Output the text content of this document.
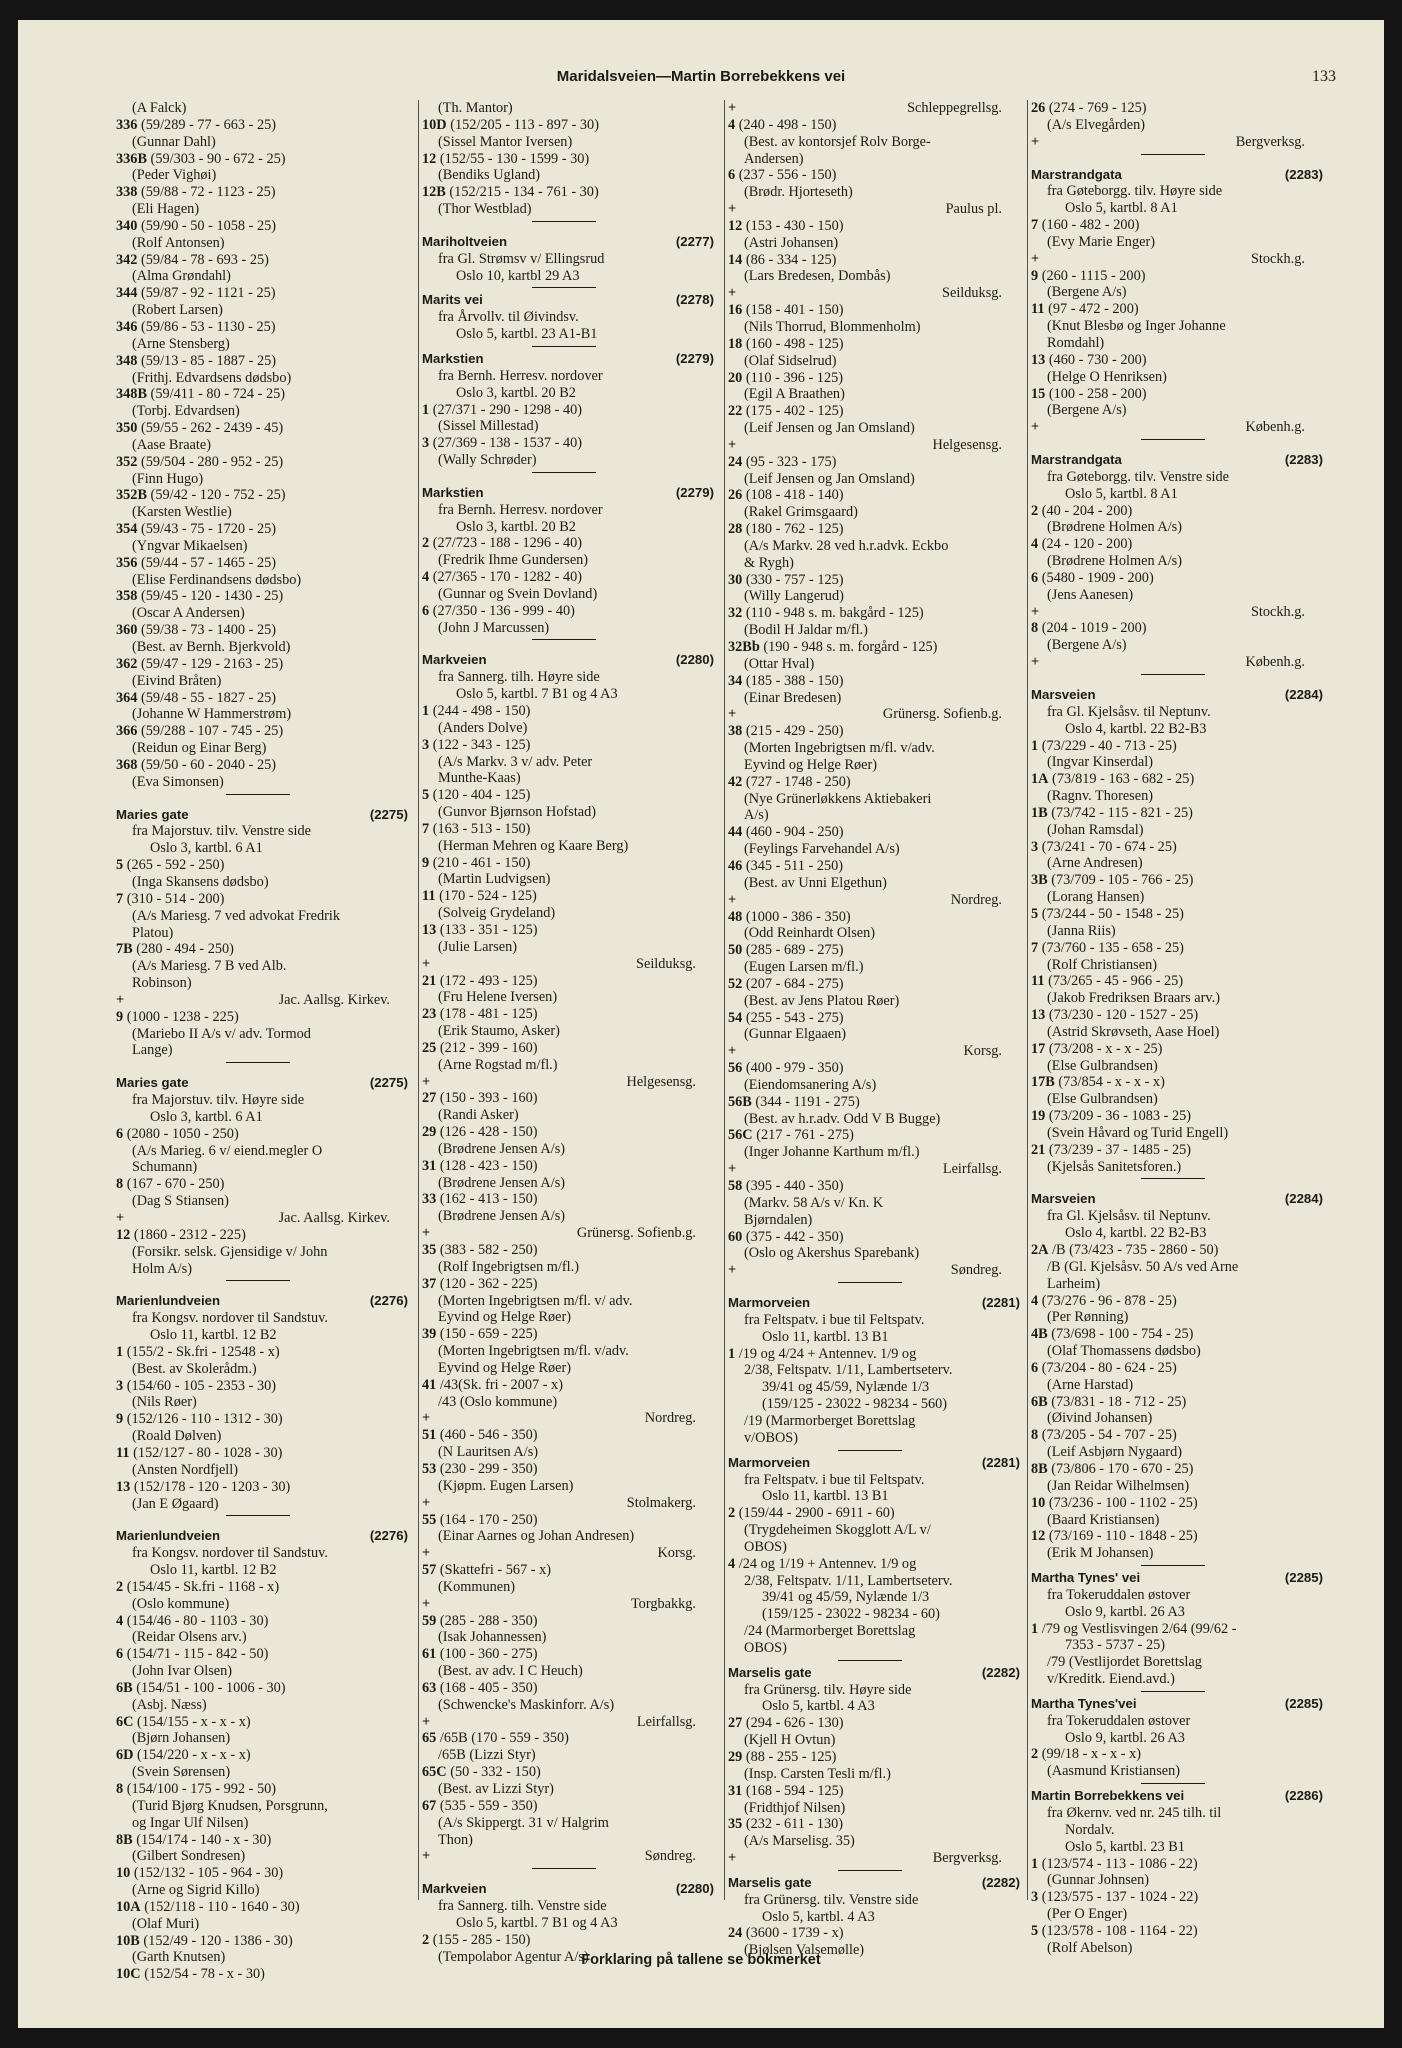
Maridalsveien—Martin Borrebekkens vei	133
(A Falck)
336 (59/289 - 77 - 663 - 25)
(Gunnar Dahl)
336B (59/303 - 90 - 672 - 25)
(Peder Vighøi)
338 (59/88 - 72 - 1123 - 25)
(Eli Hagen)
340 (59/90 - 50 - 1058 - 25)
(Rolf Antonsen)
342 (59/84 - 78 - 693 - 25)
(Alma Grøndahl)
344 (59/87 - 92 - 1121 - 25)
(Robert Larsen)
346 (59/86 - 53 - 1130 - 25)
(Arne Stensberg)
348 (59/13 - 85 - 1887 - 25)
(Frithj. Edvardsens dødsbo)
348B (59/411 - 80 - 724 - 25)
(Torbj. Edvardsen)
350 (59/55 - 262 - 2439 - 45)
(Aase Braate)
352 (59/504 - 280 - 952 - 25)
(Finn Hugo)
352B (59/42 - 120 - 752 - 25)
(Karsten Westlie)
354 (59/43 - 75 - 1720 - 25)
(Yngvar Mikaelsen)
356 (59/44 - 57 - 1465 - 25)
(Elise Ferdinandsens dødsbo)
358 (59/45 - 120 - 1430 - 25)
(Oscar A Andersen)
360 (59/38 - 73 - 1400 - 25)
(Best. av Bernh. Bjerkvold)
362 (59/47 - 129 - 2163 - 25)
(Eivind Bråten)
364 (59/48 - 55 - 1827 - 25)
(Johanne W Hammerstrøm)
366 (59/288 - 107 - 745 - 25)
(Reidun og Einar Berg)
368 (59/50 - 60 - 2040 - 25)
(Eva Simonsen)
Maries gate	(2275)
fra Majorstuv. tilv. Venstre side
Oslo 3, kartbl. 6 A1
5 (265 - 592 - 250)
(Inga Skansens dødsbo)
7 (310 - 514 - 200)
(A/s Mariesg. 7 ved advokat Fredrik
Platou)
7B (280 - 494 - 250)
(A/s Mariesg. 7 B ved Alb.
Robinson)
+	Jac. Aallsg. Kirkev.
9 (1000 - 1238 - 225)
(Mariebo II A/s v/ adv. Tormod
Lange)
Maries gate	(2275)
fra Majorstuv. tilv. Høyre side
Oslo 3, kartbl. 6 A1
6 (2080 - 1050 - 250)
(A/s Marieg. 6 v/ eiend.megler O
Schumann)
8 (167 - 670 - 250)
(Dag S Stiansen)
+	Jac. Aallsg. Kirkev.
12 (1860 - 2312 - 225)
(Forsikr. selsk. Gjensidige v/ John
Holm A/s)
Marienlundveien	(2276)
fra Kongsv. nordover til Sandstuv.
Oslo 11, kartbl. 12 B2
1 (155/2 - Sk.fri - 12548 - x)
(Best. av Skolerådm.)
3 (154/60 - 105 - 2353 - 30)
(Nils Røer)
9 (152/126 - 110 - 1312 - 30)
(Roald Dølven)
11 (152/127 - 80 - 1028 - 30)
(Ansten Nordfjell)
13 (152/178 - 120 - 1203 - 30)
(Jan E Øgaard)
Marienlundveien	(2276)
fra Kongsv. nordover til Sandstuv.
Oslo 11, kartbl. 12 B2
2 (154/45 - Sk.fri - 1168 - x)
(Oslo kommune)
4 (154/46 - 80 - 1103 - 30)
(Reidar Olsens arv.)
6 (154/71 - 115 - 842 - 50)
(John Ivar Olsen)
6B (154/51 - 100 - 1006 - 30)
(Asbj. Næss)
6C (154/155 - x - x - x)
(Bjørn Johansen)
6D (154/220 - x - x - x)
(Svein Sørensen)
8 (154/100 - 175 - 992 - 50)
(Turid Bjørg Knudsen, Porsgrunn,
og Ingar Ulf Nilsen)
8B (154/174 - 140 - x - 30)
(Gilbert Sondresen)
10 (152/132 - 105 - 964 - 30)
(Arne og Sigrid Killo)
10A (152/118 - 110 - 1640 - 30)
(Olaf Muri)
10B (152/49 - 120 - 1386 - 30)
(Garth Knutsen)
10C (152/54 - 78 - x - 30)
(Th. Mantor)
10D (152/205 - 113 - 897 - 30)
(Sissel Mantor Iversen)
12 (152/55 - 130 - 1599 - 30)
(Bendiks Ugland)
12B (152/215 - 134 - 761 - 30)
(Thor Westblad)
Mariholtveien	(2277)
fra Gl. Strømsv v/ Ellingsrud
Oslo 10, kartbl 29 A3
Marits vei	(2278)
fra Årvollv. til Øivindsv.
Oslo 5, kartbl. 23 A1-B1
Markstien	(2279)
fra Bernh. Herresv. nordover
Oslo 3, kartbl. 20 B2
1 (27/371 - 290 - 1298 - 40)
(Sissel Millestad)
3 (27/369 - 138 - 1537 - 40)
(Wally Schrøder)
Markstien	(2279)
fra Bernh. Herresv. nordover
Oslo 3, kartbl. 20 B2
2 (27/723 - 188 - 1296 - 40)
(Fredrik Ihme Gundersen)
4 (27/365 - 170 - 1282 - 40)
(Gunnar og Svein Dovland)
6 (27/350 - 136 - 999 - 40)
(John J Marcussen)
Markveien	(2280)
fra Sannerg. tilh. Høyre side
Oslo 5, kartbl. 7 B1 og 4 A3
1 (244 - 498 - 150)
(Anders Dolve)
3 (122 - 343 - 125)
(A/s Markv. 3 v/ adv. Peter
Munthe-Kaas)
5 (120 - 404 - 125)
(Gunvor Bjørnson Hofstad)
7 (163 - 513 - 150)
(Herman Mehren og Kaare Berg)
9 (210 - 461 - 150)
(Martin Ludvigsen)
11 (170 - 524 - 125)
(Solveig Grydeland)
13 (133 - 351 - 125)
(Julie Larsen)
+	Seilduksg.
21 (172 - 493 - 125)
(Fru Helene Iversen)
23 (178 - 481 - 125)
(Erik Staumo, Asker)
25 (212 - 399 - 160)
(Arne Rogstad m/fl.)
+	Helgesensg.
27 (150 - 393 - 160)
(Randi Asker)
29 (126 - 428 - 150)
(Brødrene Jensen A/s)
31 (128 - 423 - 150)
(Brødrene Jensen A/s)
33 (162 - 413 - 150)
(Brødrene Jensen A/s)
+	Grünersg. Sofienb.g.
35 (383 - 582 - 250)
(Rolf Ingebrigtsen m/fl.)
37 (120 - 362 - 225)
(Morten Ingebrigtsen m/fl. v/ adv.
Eyvind og Helge Røer)
39 (150 - 659 - 225)
(Morten Ingebrigtsen m/fl. v/adv.
Eyvind og Helge Røer)
41 /43(Sk. fri - 2007 - x)
/43 (Oslo kommune)
+	Nordreg.
51 (460 - 546 - 350)
(N Lauritsen A/s)
53 (230 - 299 - 350)
(Kjøpm. Eugen Larsen)
+	Stolmakerg.
55 (164 - 170 - 250)
(Einar Aarnes og Johan Andresen)
+	Korsg.
57 (Skattefri - 567 - x)
(Kommunen)
+	Torgbakkg.
59 (285 - 288 - 350)
(Isak Johannessen)
61 (100 - 360 - 275)
(Best. av adv. I C Heuch)
63 (168 - 405 - 350)
(Schwencke's Maskinforr. A/s)
+	Leirfallsg.
65 /65B (170 - 559 - 350)
/65B (Lizzi Styr)
65C (50 - 332 - 150)
(Best. av Lizzi Styr)
67 (535 - 559 - 350)
(A/s Skippergt. 31 v/ Halgrim
Thon)
+	Søndreg.
Markveien	(2280)
fra Sannerg. tilh. Venstre side
Oslo 5, kartbl. 7 B1 og 4 A3
2 (155 - 285 - 150)
(Tempolabor Agentur A/s)
+	Schleppegrellsg.
4 (240 - 498 - 150)
(Best. av kontorsjef Rolv Borge-
Andersen)
6 (237 - 556 - 150)
(Brødr. Hjorteseth)
+	Paulus pl.
12 (153 - 430 - 150)
(Astri Johansen)
14 (86 - 334 - 125)
(Lars Bredesen, Dombås)
+	Seilduksg.
16 (158 - 401 - 150)
(Nils Thorrud, Blommenholm)
18 (160 - 498 - 125)
(Olaf Sidselrud)
20 (110 - 396 - 125)
(Egil A Braathen)
22 (175 - 402 - 125)
(Leif Jensen og Jan Omsland)
+	Helgesensg.
24 (95 - 323 - 175)
(Leif Jensen og Jan Omsland)
26 (108 - 418 - 140)
(Rakel Grimsgaard)
28 (180 - 762 - 125)
(A/s Markv. 28 ved h.r.advk. Eckbo
& Rygh)
30 (330 - 757 - 125)
(Willy Langerud)
32 (110 - 948 s. m. bakgård - 125)
(Bodil H Jaldar m/fl.)
32Bb (190 - 948 s. m. forgård - 125)
(Ottar Hval)
34 (185 - 388 - 150)
(Einar Bredesen)
+	Grünersg. Sofienb.g.
38 (215 - 429 - 250)
(Morten Ingebrigtsen m/fl. v/adv.
Eyvind og Helge Røer)
42 (727 - 1748 - 250)
(Nye Grünerløkkens Aktiebakeri
A/s)
44 (460 - 904 - 250)
(Feylings Farvehandel A/s)
46 (345 - 511 - 250)
(Best. av Unni Elgethun)
+	Nordreg.
48 (1000 - 386 - 350)
(Odd Reinhardt Olsen)
50 (285 - 689 - 275)
(Eugen Larsen m/fl.)
52 (207 - 684 - 275)
(Best. av Jens Platou Røer)
54 (255 - 543 - 275)
(Gunnar Elgaaen)
+	Korsg.
56 (400 - 979 - 350)
(Eiendomsanering A/s)
56B (344 - 1191 - 275)
(Best. av h.r.adv. Odd V B Bugge)
56C (217 - 761 - 275)
(Inger Johanne Karthum m/fl.)
+	Leirfallsg.
58 (395 - 440 - 350)
(Markv. 58 A/s v/ Kn. K
Bjørndalen)
60 (375 - 442 - 350)
(Oslo og Akershus Sparebank)
+	Søndreg.
Marmorveien	(2281)
fra Feltspatv. i bue til Feltspatv.
Oslo 11, kartbl. 13 B1
1 /19 og 4/24 + Antennev. 1/9 og
2/38, Feltspatv. 1/11, Lambertseterv.
39/41 og 45/59, Nylænde 1/3
(159/125 - 23022 - 98234 - 560)
/19 (Marmorberget Borettslag
v/OBOS)
Marmorveien	(2281)
fra Feltspatv. i bue til Feltspatv.
Oslo 11, kartbl. 13 B1
2 (159/44 - 2900 - 6911 - 60)
(Trygdeheimen Skogglott A/L v/
OBOS)
4 /24 og 1/19 + Antennev. 1/9 og
2/38, Feltspatv. 1/11, Lambertseterv.
39/41 og 45/59, Nylænde 1/3
(159/125 - 23022 - 98234 - 60)
/24 (Marmorberget Borettslag
OBOS)
Marselis gate	(2282)
fra Grünersg. tilv. Høyre side
Oslo 5, kartbl. 4 A3
27 (294 - 626 - 130)
(Kjell H Ovtun)
29 (88 - 255 - 125)
(Insp. Carsten Tesli m/fl.)
31 (168 - 594 - 125)
(Fridthjof Nilsen)
35 (232 - 611 - 130)
(A/s Marselisg. 35)
+	Bergverksg.
Marselis gate	(2282)
fra Grünersg. tilv. Venstre side
Oslo 5, kartbl. 4 A3
24 (3600 - 1739 - x)
(Bjølsen Valsemølle)
26 (274 - 769 - 125)
(A/s Elvegården)
+	Bergverksg.
Marstrandgata	(2283)
fra Gøteborgg. tilv. Høyre side
Oslo 5, kartbl. 8 A1
7 (160 - 482 - 200)
(Evy Marie Enger)
+	Stockh.g.
9 (260 - 1115 - 200)
(Bergene A/s)
11 (97 - 472 - 200)
(Knut Blesbø og Inger Johanne
Romdahl)
13 (460 - 730 - 200)
(Helge O Henriksen)
15 (100 - 258 - 200)
(Bergene A/s)
+	Københ.g.
Marstrandgata	(2283)
fra Gøteborgg. tilv. Venstre side
Oslo 5, kartbl. 8 A1
2 (40 - 204 - 200)
(Brødrene Holmen A/s)
4 (24 - 120 - 200)
(Brødrene Holmen A/s)
6 (5480 - 1909 - 200)
(Jens Aanesen)
+	Stockh.g.
8 (204 - 1019 - 200)
(Bergene A/s)
+	Københ.g.
Marsveien	(2284)
fra Gl. Kjelsåsv. til Neptunv.
Oslo 4, kartbl. 22 B2-B3
1 (73/229 - 40 - 713 - 25)
(Ingvar Kinserdal)
1A (73/819 - 163 - 682 - 25)
(Ragnv. Thoresen)
1B (73/742 - 115 - 821 - 25)
(Johan Ramsdal)
3 (73/241 - 70 - 674 - 25)
(Arne Andresen)
3B (73/709 - 105 - 766 - 25)
(Lorang Hansen)
5 (73/244 - 50 - 1548 - 25)
(Janna Riis)
7 (73/760 - 135 - 658 - 25)
(Rolf Christiansen)
11 (73/265 - 45 - 966 - 25)
(Jakob Fredriksen Braars arv.)
13 (73/230 - 120 - 1527 - 25)
(Astrid Skrøvseth, Aase Hoel)
17 (73/208 - x - x - 25)
(Else Gulbrandsen)
17B (73/854 - x - x - x)
(Else Gulbrandsen)
19 (73/209 - 36 - 1083 - 25)
(Svein Håvard og Turid Engell)
21 (73/239 - 37 - 1485 - 25)
(Kjelsås Sanitetsforen.)
Marsveien	(2284)
fra Gl. Kjelsåsv. til Neptunv.
Oslo 4, kartbl. 22 B2-B3
2A /B (73/423 - 735 - 2860 - 50)
/B (Gl. Kjelsåsv. 50 A/s ved Arne
Larheim)
4 (73/276 - 96 - 878 - 25)
(Per Rønning)
4B (73/698 - 100 - 754 - 25)
(Olaf Thomassens dødsbo)
6 (73/204 - 80 - 624 - 25)
(Arne Harstad)
6B (73/831 - 18 - 712 - 25)
(Øivind Johansen)
8 (73/205 - 54 - 707 - 25)
(Leif Asbjørn Nygaard)
8B (73/806 - 170 - 670 - 25)
(Jan Reidar Wilhelmsen)
10 (73/236 - 100 - 1102 - 25)
(Baard Kristiansen)
12 (73/169 - 110 - 1848 - 25)
(Erik M Johansen)
Martha Tynes' vei	(2285)
fra Tokeruddalen østover
Oslo 9, kartbl. 26 A3
1 /79 og Vestlisvingen 2/64 (99/62 -
7353 - 5737 - 25)
/79 (Vestlijordet Borettslag
v/Kreditk. Eiend.avd.)
Martha Tynes'vei	(2285)
fra Tokeruddalen østover
Oslo 9, kartbl. 26 A3
2 (99/18 - x - x - x)
(Aasmund Kristiansen)
Martin Borrebekkens vei	(2286)
fra Økernv. ved nr. 245 tilh. til
Nordalv.
Oslo 5, kartbl. 23 B1
1 (123/574 - 113 - 1086 - 22)
(Gunnar Johnsen)
3 (123/575 - 137 - 1024 - 22)
(Per O Enger)
5 (123/578 - 108 - 1164 - 22)
(Rolf Abelson)
Forklaring på tallene se bokmerket
